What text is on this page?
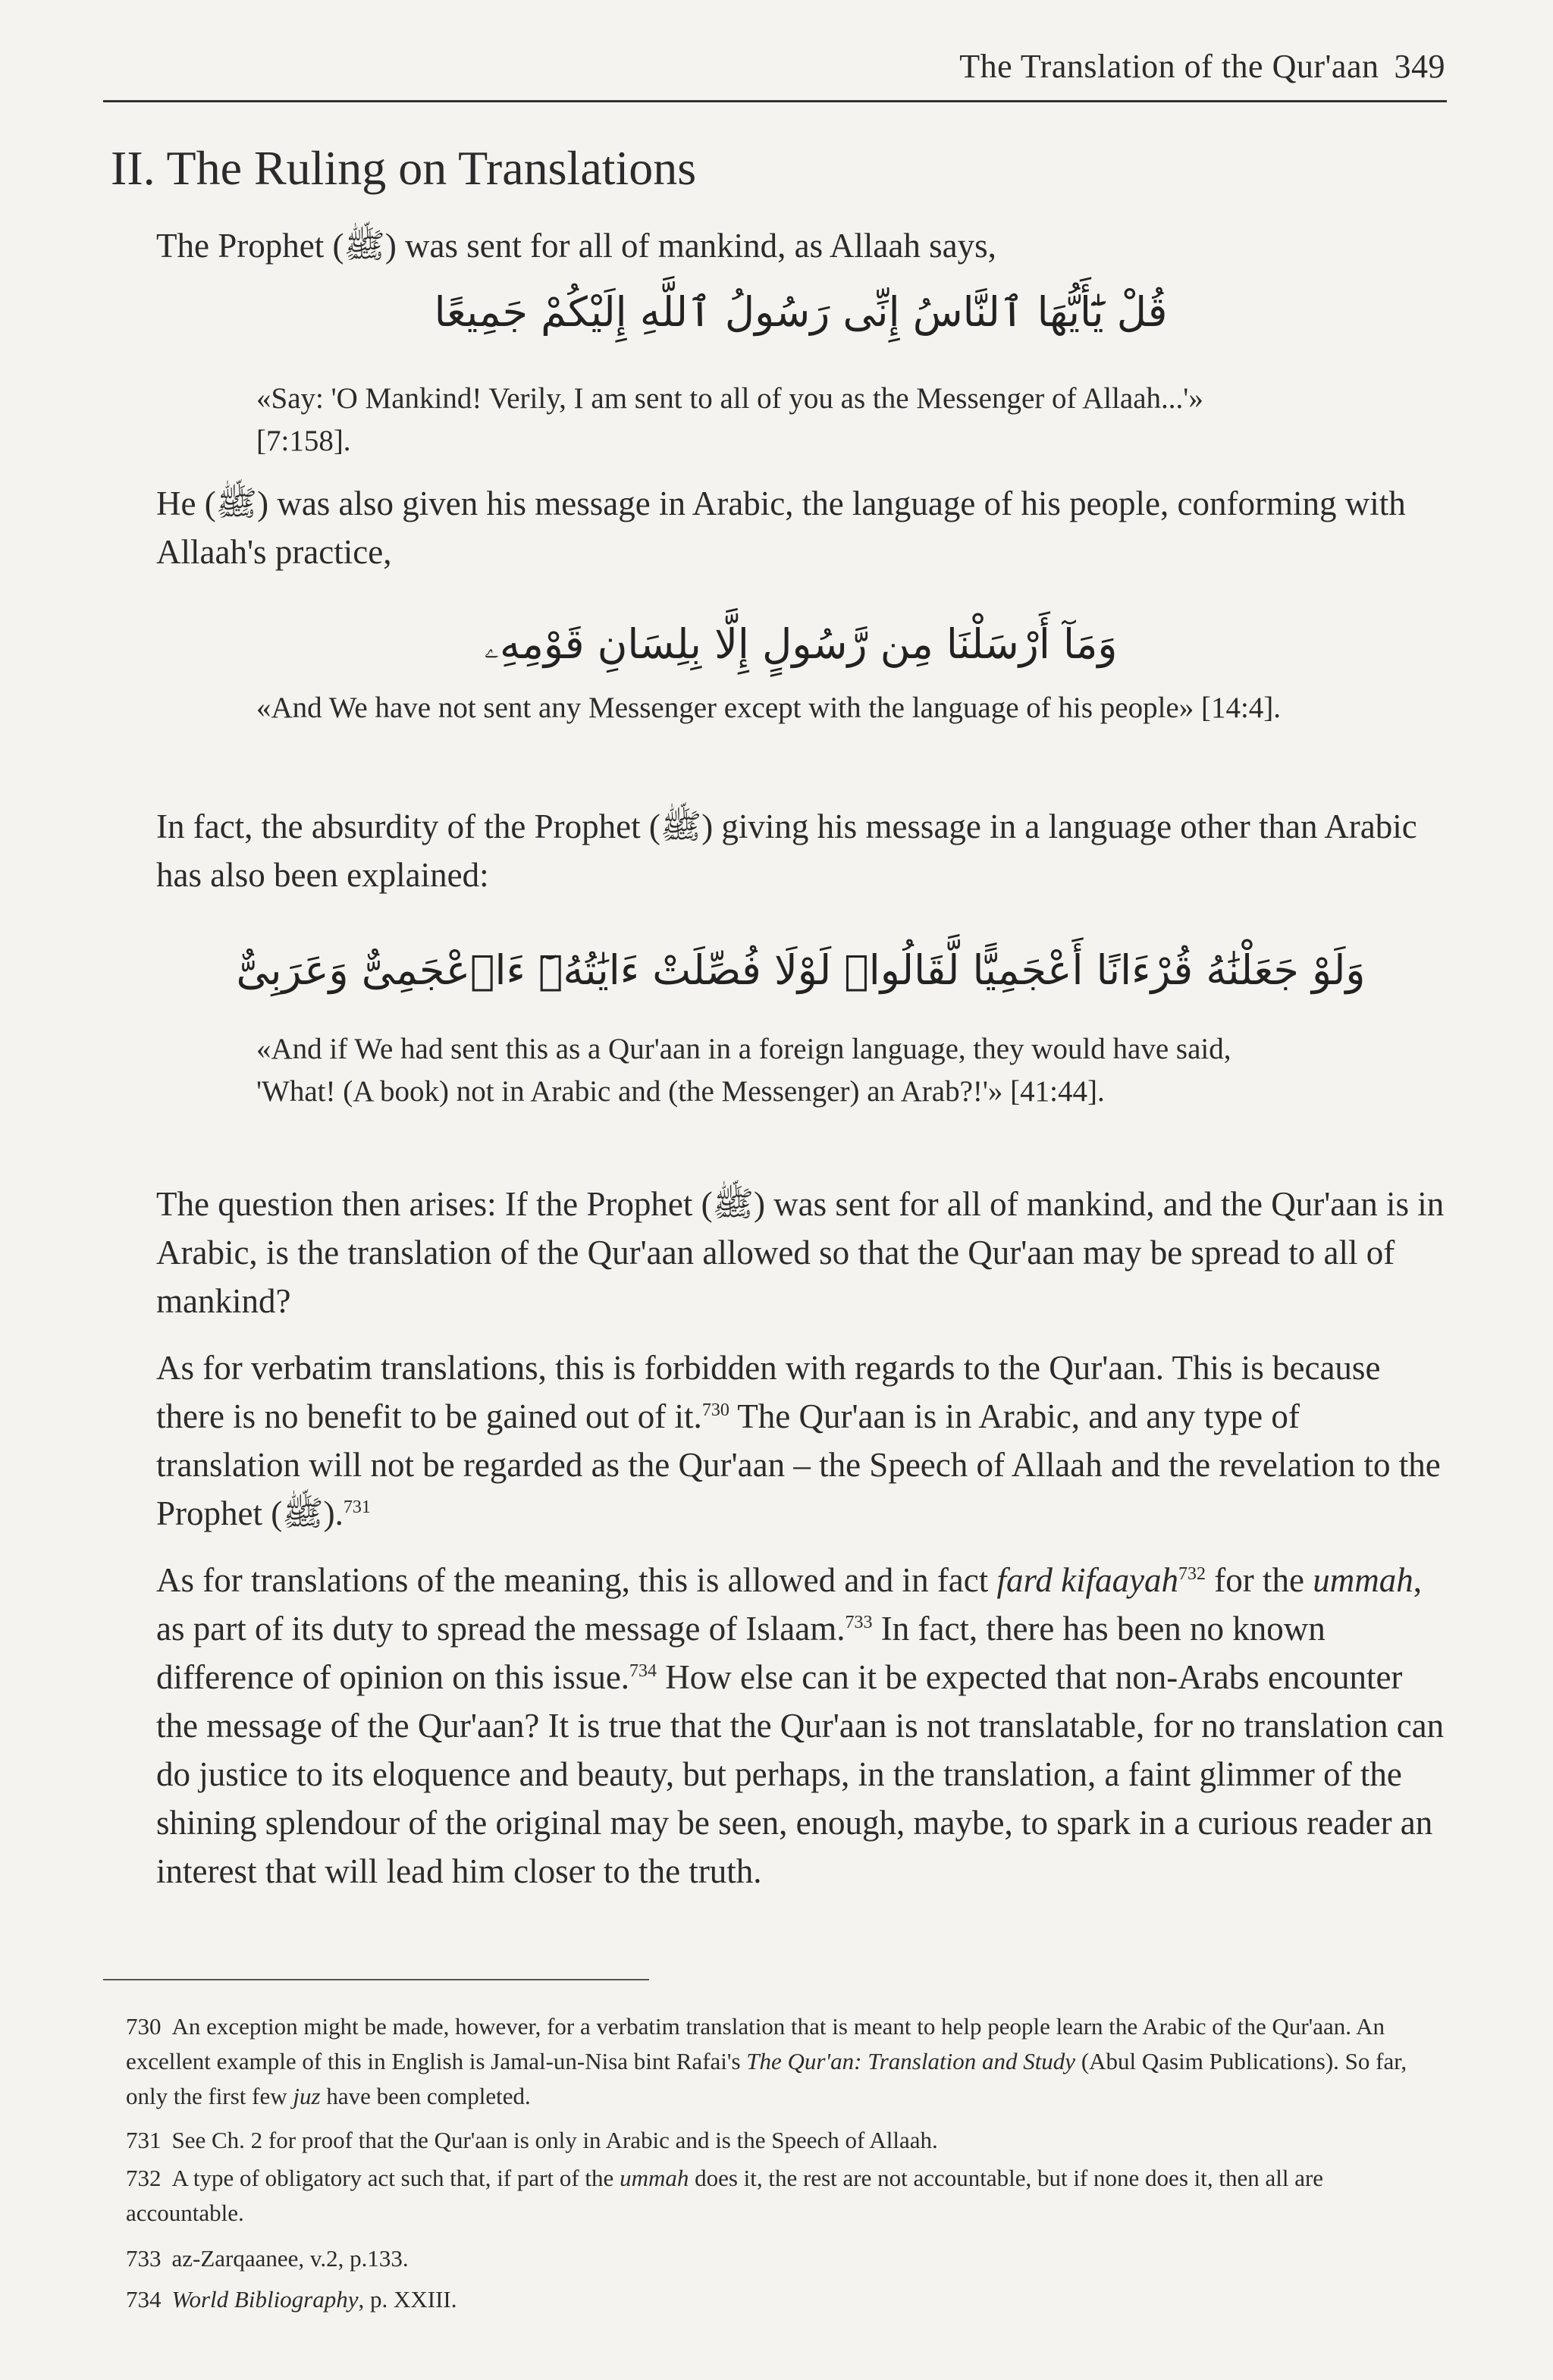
The Translation of the Qur'aan 349
II. The Ruling on Translations

The Prophet (ﷺ) was sent for all of mankind, as Allaah says,

قُلْ يَٰٓأَيُّهَا ٱلنَّاسُ إِنِّى رَسُولُ ٱللَّهِ إِلَيْكُمْ جَمِيعًا

«Say: 'O Mankind! Verily, I am sent to all of you as the Messenger of Allaah...'» [7:158].

He (ﷺ) was also given his message in Arabic, the language of his people, conforming with Allaah's practice,

وَمَآ أَرْسَلْنَا مِن رَّسُولٍ إِلَّا بِلِسَانِ قَوْمِهِۦ

«And We have not sent any Messenger except with the language of his people» [14:4].

In fact, the absurdity of the Prophet (ﷺ) giving his message in a language other than Arabic has also been explained:

وَلَوْ جَعَلْنَٰهُ قُرْءَانًا أَعْجَمِيًّا لَّقَالُوا۟ لَوْلَا فُصِّلَتْ ءَايَٰتُهُۥٓ ءَا۬عْجَمِىٌّ وَعَرَبِىٌّ

«And if We had sent this as a Qur'aan in a foreign language, they would have said, 'What! (A book) not in Arabic and (the Messenger) an Arab?!'» [41:44].

The question then arises: If the Prophet (ﷺ) was sent for all of mankind, and the Qur'aan is in Arabic, is the translation of the Qur'aan allowed so that the Qur'aan may be spread to all of mankind?

As for verbatim translations, this is forbidden with regards to the Qur'aan. This is because there is no benefit to be gained out of it.$^{730}$ The Qur'aan is in Arabic, and any type of translation will not be regarded as the Qur'aan – the Speech of Allaah and the revelation to the Prophet (ﷺ).$^{731}$

As for translations of the meaning, this is allowed and in fact fard kifaayah$^{732}$ for the ummah, as part of its duty to spread the message of Islaam.$^{733}$ In fact, there has been no known difference of opinion on this issue.$^{734}$ How else can it be expected that non-Arabs encounter the message of the Qur'aan? It is true that the Qur'aan is not translatable, for no translation can do justice to its eloquence and beauty, but perhaps, in the translation, a faint glimmer of the shining splendour of the original may be seen, enough, maybe, to spark in a curious reader an interest that will lead him closer to the truth.

730 An exception might be made, however, for a verbatim translation that is meant to help people learn the Arabic of the Qur'aan. An excellent example of this in English is Jamal-un-Nisa bint Rafai's The Qur'an: Translation and Study (Abul Qasim Publications). So far, only the first few juz have been completed.

731 See Ch. 2 for proof that the Qur'aan is only in Arabic and is the Speech of Allaah.

732 A type of obligatory act such that, if part of the ummah does it, the rest are not accountable, but if none does it, then all are accountable.

733 az-Zarqaanee, v.2, p.133.

734 World Bibliography, p. XXIII.
